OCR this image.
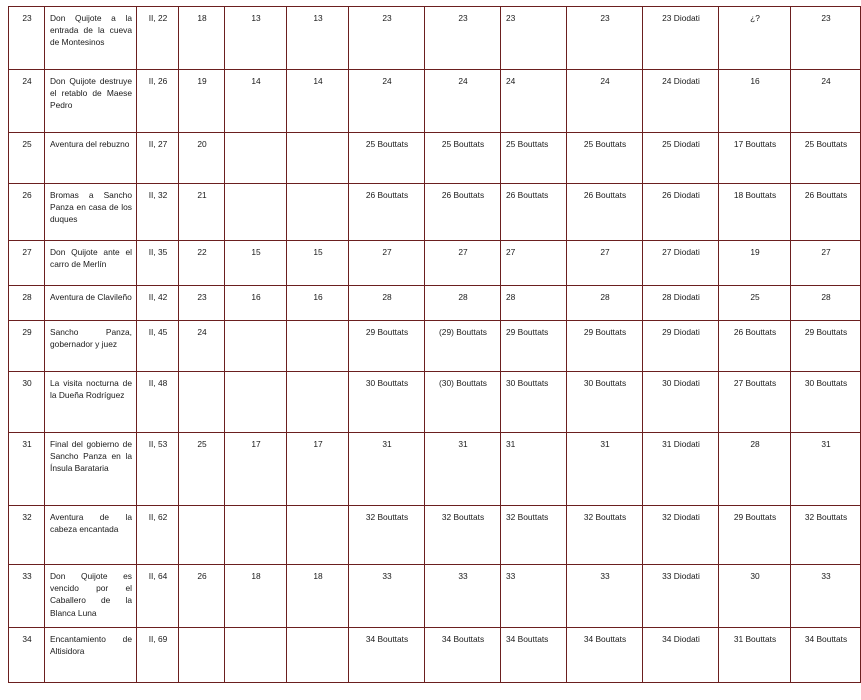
23	Don Quijote a la entrada de la cueva de Montesinos	II, 22	18	13	13	23	23	23	23	23 Diodati	¿?	23
24	Don Quijote destruye el retablo de Maese Pedro	II, 26	19	14	14	24	24	24	24	24 Diodati	16	24
25	Aventura del rebuzno	II, 27	20			25 Bouttats	25 Bouttats	25 Bouttats	25 Bouttats	25 Diodati	17 Bouttats	25 Bouttats
26	Bromas a Sancho Panza en casa de los duques	II, 32	21			26 Bouttats	26 Bouttats	26 Bouttats	26 Bouttats	26 Diodati	18 Bouttats	26 Bouttats
27	Don Quijote ante el carro de Merlín	II, 35	22	15	15	27	27	27	27	27 Diodati	19	27
28	Aventura de Clavileño	II, 42	23	16	16	28	28	28	28	28 Diodati	25	28
29	Sancho Panza, gobernador y juez	II, 45	24			29 Bouttats	(29) Bouttats	29 Bouttats	29 Bouttats	29 Diodati	26 Bouttats	29 Bouttats
30	La visita nocturna de la Dueña Rodríguez	II, 48				30 Bouttats	(30) Bouttats	30 Bouttats	30 Bouttats	30 Diodati	27 Bouttats	30 Bouttats
31	Final del gobierno de Sancho Panza en la Ínsula Barataria	II, 53	25	17	17	31	31	31	31	31 Diodati	28	31
32	Aventura de la cabeza encantada	II, 62				32 Bouttats	32 Bouttats	32 Bouttats	32 Bouttats	32 Diodati	29 Bouttats	32 Bouttats
33	Don Quijote es vencido por el Caballero de la Blanca Luna	II, 64	26	18	18	33	33	33	33	33 Diodati	30	33
34	Encantamiento de Altisidora	II, 69				34 Bouttats	34 Bouttats	34 Bouttats	34 Bouttats	34 Diodati	31 Bouttats	34 Bouttats
